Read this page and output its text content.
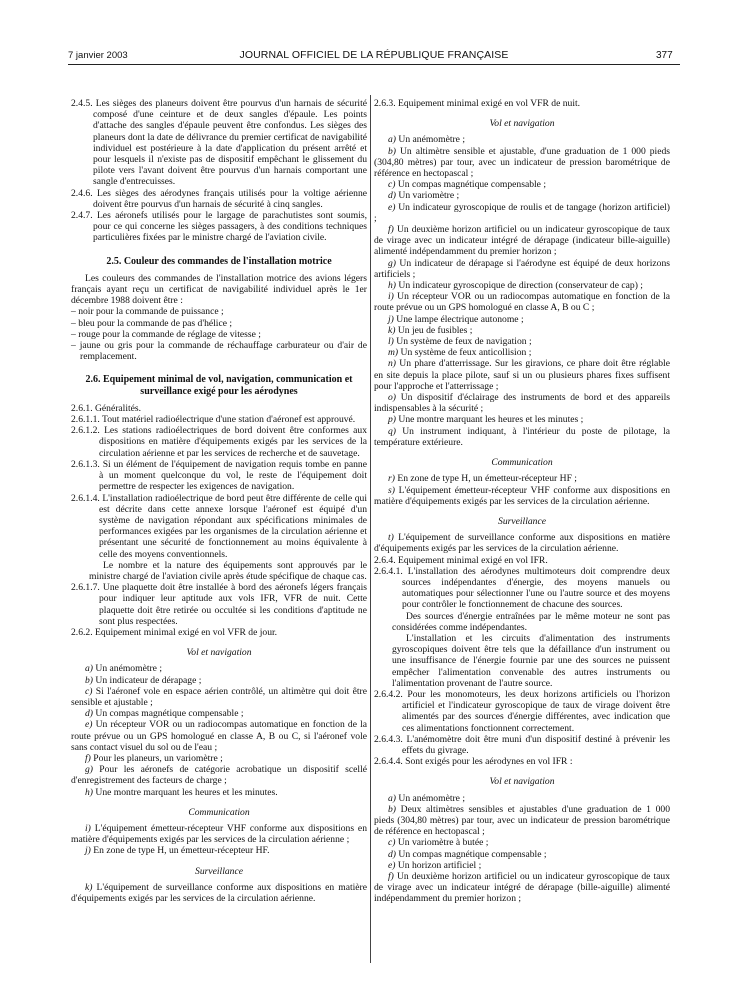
7 janvier 2003	JOURNAL OFFICIEL DE LA RÉPUBLIQUE FRANÇAISE	377

2.4.5. Les sièges des planeurs doivent être pourvus d'un harnais de sécurité composé d'une ceinture et de deux sangles d'épaule. Les points d'attache des sangles d'épaule peuvent être confondus. Les sièges des planeurs dont la date de délivrance du premier certificat de navigabilité individuel est postérieure à la date d'application du présent arrêté et pour lesquels il n'existe pas de dispositif empêchant le glissement du pilote vers l'avant doivent être pourvus d'un harnais comportant une sangle d'entrecuisses.

2.4.6. Les sièges des aérodynes français utilisés pour la voltige aérienne doivent être pourvus d'un harnais de sécurité à cinq sangles.

2.4.7. Les aéronefs utilisés pour le largage de parachutistes sont soumis, pour ce qui concerne les sièges passagers, à des conditions techniques particulières fixées par le ministre chargé de l'aviation civile.

2.5. Couleur des commandes de l'installation motrice

Les couleurs des commandes de l'installation motrice des avions légers français ayant reçu un certificat de navigabilité individuel après le 1er décembre 1988 doivent être :

– noir pour la commande de puissance ;

– bleu pour la commande de pas d'hélice ;

– rouge pour la commande de réglage de vitesse ;

– jaune ou gris pour la commande de réchauffage carburateur ou d'air de remplacement.

2.6. Equipement minimal de vol, navigation, communication et surveillance exigé pour les aérodynes

2.6.1. Généralités.

2.6.1.1. Tout matériel radioélectrique d'une station d'aéronef est approuvé.

2.6.1.2. Les stations radioélectriques de bord doivent être conformes aux dispositions en matière d'équipements exigés par les services de la circulation aérienne et par les services de recherche et de sauvetage.

2.6.1.3. Si un élément de l'équipement de navigation requis tombe en panne à un moment quelconque du vol, le reste de l'équipement doit permettre de respecter les exigences de navigation.

2.6.1.4. L'installation radioélectrique de bord peut être différente de celle qui est décrite dans cette annexe lorsque l'aéronef est équipé d'un système de navigation répondant aux spécifications minimales de performances exigées par les organismes de la circulation aérienne et présentant une sécurité de fonctionnement au moins équivalente à celle des moyens conventionnels.

Le nombre et la nature des équipements sont approuvés par le ministre chargé de l'aviation civile après étude spécifique de chaque cas.

2.6.1.7. Une plaquette doit être installée à bord des aéronefs légers français pour indiquer leur aptitude aux vols IFR, VFR de nuit. Cette plaquette doit être retirée ou occultée si les conditions d'aptitude ne sont plus respectées.

2.6.2. Equipement minimal exigé en vol VFR de jour.

Vol et navigation

a) Un anémomètre ;

b) Un indicateur de dérapage ;

c) Si l'aéronef vole en espace aérien contrôlé, un altimètre qui doit être sensible et ajustable ;

d) Un compas magnétique compensable ;

e) Un récepteur VOR ou un radiocompas automatique en fonction de la route prévue ou un GPS homologué en classe A, B ou C, si l'aéronef vole sans contact visuel du sol ou de l'eau ;

f) Pour les planeurs, un variomètre ;

g) Pour les aéronefs de catégorie acrobatique un dispositif scellé d'enregistrement des facteurs de charge ;

h) Une montre marquant les heures et les minutes.

Communication

i) L'équipement émetteur-récepteur VHF conforme aux dispositions en matière d'équipements exigés par les services de la circulation aérienne ;

j) En zone de type H, un émetteur-récepteur HF.

Surveillance

k) L'équipement de surveillance conforme aux dispositions en matière d'équipements exigés par les services de la circulation aérienne.

2.6.3. Equipement minimal exigé en vol VFR de nuit.

Vol et navigation

a) Un anémomètre ;

b) Un altimètre sensible et ajustable, d'une graduation de 1 000 pieds (304,80 mètres) par tour, avec un indicateur de pression barométrique de référence en hectopascal ;

c) Un compas magnétique compensable ;

d) Un variomètre ;

e) Un indicateur gyroscopique de roulis et de tangage (horizon artificiel) ;

f) Un deuxième horizon artificiel ou un indicateur gyroscopique de taux de virage avec un indicateur intégré de dérapage (indicateur bille-aiguille) alimenté indépendamment du premier horizon ;

g) Un indicateur de dérapage si l'aérodyne est équipé de deux horizons artificiels ;

h) Un indicateur gyroscopique de direction (conservateur de cap) ;

i) Un récepteur VOR ou un radiocompas automatique en fonction de la route prévue ou un GPS homologué en classe A, B ou C ;

j) Une lampe électrique autonome ;

k) Un jeu de fusibles ;

l) Un système de feux de navigation ;

m) Un système de feux anticollision ;

n) Un phare d'atterrissage. Sur les giravions, ce phare doit être réglable en site depuis la place pilote, sauf si un ou plusieurs phares fixes suffisent pour l'approche et l'atterrissage ;

o) Un dispositif d'éclairage des instruments de bord et des appareils indispensables à la sécurité ;

p) Une montre marquant les heures et les minutes ;

q) Un instrument indiquant, à l'intérieur du poste de pilotage, la température extérieure.

Communication

r) En zone de type H, un émetteur-récepteur HF ;

s) L'équipement émetteur-récepteur VHF conforme aux dispositions en matière d'équipements exigés par les services de la circulation aérienne.

Surveillance

t) L'équipement de surveillance conforme aux dispositions en matière d'équipements exigés par les services de la circulation aérienne.

2.6.4. Equipement minimal exigé en vol IFR.

2.6.4.1. L'installation des aérodynes multimoteurs doit comprendre deux sources indépendantes d'énergie, des moyens manuels ou automatiques pour sélectionner l'une ou l'autre source et des moyens pour contrôler le fonctionnement de chacune des sources.

Des sources d'énergie entraînées par le même moteur ne sont pas considérées comme indépendantes.

L'installation et les circuits d'alimentation des instruments gyroscopiques doivent être tels que la défaillance d'un instrument ou une insuffisance de l'énergie fournie par une des sources ne puissent empêcher l'alimentation convenable des autres instruments ou l'alimentation provenant de l'autre source.

2.6.4.2. Pour les monomoteurs, les deux horizons artificiels ou l'horizon artificiel et l'indicateur gyroscopique de taux de virage doivent être alimentés par des sources d'énergie différentes, avec indication que ces alimentations fonctionnent correctement.

2.6.4.3. L'anémomètre doit être muni d'un dispositif destiné à prévenir les effets du givrage.

2.6.4.4. Sont exigés pour les aérodynes en vol IFR :

Vol et navigation

a) Un anémomètre ;

b) Deux altimètres sensibles et ajustables d'une graduation de 1 000 pieds (304,80 mètres) par tour, avec un indicateur de pression barométrique de référence en hectopascal ;

c) Un variomètre à butée ;

d) Un compas magnétique compensable ;

e) Un horizon artificiel ;

f) Un deuxième horizon artificiel ou un indicateur gyroscopique de taux de virage avec un indicateur intégré de dérapage (bille-aiguille) alimenté indépendamment du premier horizon ;
